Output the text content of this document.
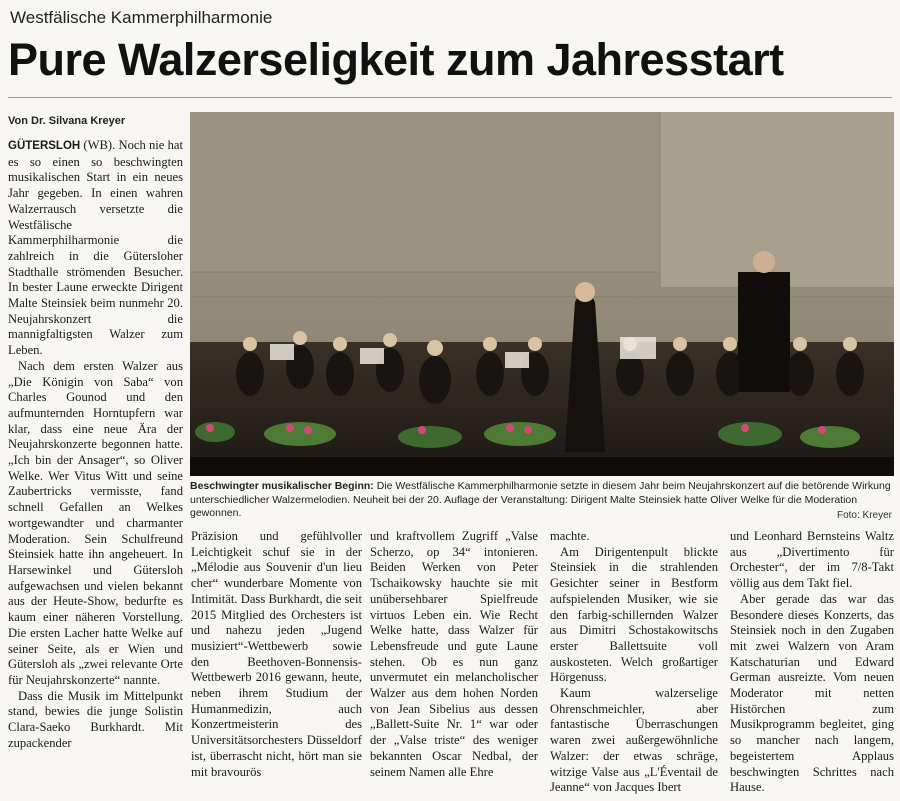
Westfälische Kammerphilharmonie
Pure Walzerseligkeit zum Jahresstart
Von Dr. Silvana Kreyer

GÜTERSLOH (WB). Noch nie hat es so einen so beschwingten musikalischen Start in ein neues Jahr gegeben. In einen wahren Walzerrausch versetzte die Westfälische Kammerphilharmonie die zahlreich in die Gütersloher Stadthalle strömenden Besucher. In bester Laune erweckte Dirigent Malte Steinsiek beim nunmehr 20. Neujahrskonzert die mannigfaltigsten Walzer zum Leben.

Nach dem ersten Walzer aus „Die Königin von Saba“ von Charles Gounod und den aufmunternden Horntupfern war klar, dass eine neue Ära der Neujahrskonzerte begonnen hatte. „Ich bin der Ansager“, so Oliver Welke. Wer Vitus Witt und seine Zaubertricks vermisste, fand schnell Gefallen an Welkes wortgewandter und charmanter Moderation. Sein Schulfreund Steinsiek hatte ihn angeheuert. In Harsewinkel und Gütersloh aufgewachsen und vielen bekannt aus der Heute-Show, bedurfte es kaum einer näheren Vorstellung. Die ersten Lacher hatte Welke auf seiner Seite, als er Wien und Gütersloh als „zwei relevante Orte für Neujahrskonzerte“ nannte.

Dass die Musik im Mittelpunkt stand, bewies die junge Solistin Clara-Saeko Burkhardt. Mit zupackender

Beschwingter musikalischer Beginn: Die Westfälische Kammerphilharmonie setzte in diesem Jahr beim Neujahrskonzert auf die betörende Wirkung unterschiedlicher Walzermelodien. Neuheit bei der 20. Auflage der Veranstaltung: Dirigent Malte Steinsiek hatte Oliver Welke für die Moderation gewonnen.	Foto: Kreyer

Präzision und gefühlvoller Leichtigkeit schuf sie in der „Mélodie aus Souvenir d'un lieu cher“ wunderbare Momente von Intimität. Dass Burkhardt, die seit 2015 Mitglied des Orchesters ist und nahezu jeden „Jugend musiziert“-Wettbewerb sowie den Beethoven-Bonnensis-Wettbewerb 2016 gewann, heute, neben ihrem Studium der Humanmedizin, auch Konzertmeisterin des Universitätsorchesters Düsseldorf ist, überrascht nicht, hört man sie mit bravourös

und kraftvollem Zugriff „Valse Scherzo, op 34“ intonieren. Beiden Werken von Peter Tschaikowsky hauchte sie mit unübersehbarer Spielfreude virtuos Leben ein. Wie Recht Welke hatte, dass Walzer für Lebensfreude und gute Laune stehen. Ob es nun ganz unvermutet ein melancholischer Walzer aus dem hohen Norden von Jean Sibelius aus dessen „Ballett-Suite Nr. 1“ war oder der „Valse triste“ des weniger bekannten Oscar Nedbal, der seinem Namen alle Ehre

machte.

Am Dirigentenpult blickte Steinsiek in die strahlenden Gesichter seiner in Bestform aufspielenden Musiker, wie sie den farbig-schillernden Walzer aus Dimitri Schostakowitschs erster Ballettsuite voll auskosteten. Welch großartiger Hörgenuss.

Kaum walzerselige Ohrenschmeichler, aber fantastische Überraschungen waren zwei außergewöhnliche Walzer: der etwas schräge, witzige Valse aus „L'Éventail de Jeanne“ von Jacques Ibert

und Leonhard Bernsteins Waltz aus „Divertimento für Orchester“, der im 7/8-Takt völlig aus dem Takt fiel.

Aber gerade das war das Besondere dieses Konzerts, das Steinsiek noch in den Zugaben mit zwei Walzern von Aram Katschaturian und Edward German ausreizte. Vom neuen Moderator mit netten Histörchen zum Musikprogramm begleitet, ging so mancher nach langem, begeistertem Applaus beschwingten Schrittes nach Hause.
